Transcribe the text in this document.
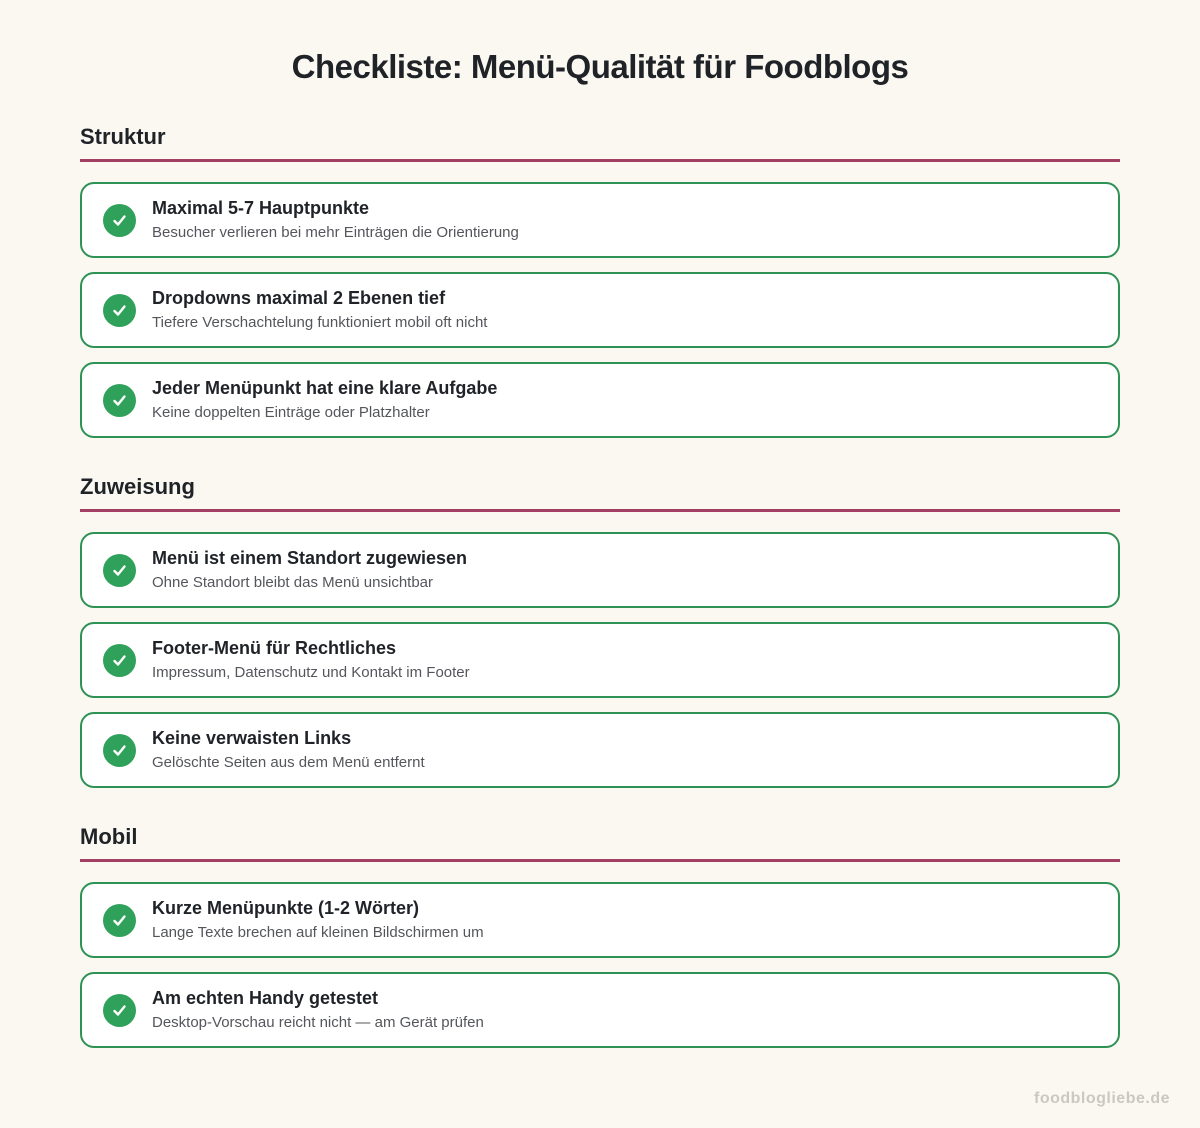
Checkliste: Menü-Qualität für Foodblogs
Struktur
Maximal 5-7 Hauptpunkte
Besucher verlieren bei mehr Einträgen die Orientierung
Dropdowns maximal 2 Ebenen tief
Tiefere Verschachtelung funktioniert mobil oft nicht
Jeder Menüpunkt hat eine klare Aufgabe
Keine doppelten Einträge oder Platzhalter
Zuweisung
Menü ist einem Standort zugewiesen
Ohne Standort bleibt das Menü unsichtbar
Footer-Menü für Rechtliches
Impressum, Datenschutz und Kontakt im Footer
Keine verwaisten Links
Gelöschte Seiten aus dem Menü entfernt
Mobil
Kurze Menüpunkte (1-2 Wörter)
Lange Texte brechen auf kleinen Bildschirmen um
Am echten Handy getestet
Desktop-Vorschau reicht nicht — am Gerät prüfen
foodblogliebe.de
